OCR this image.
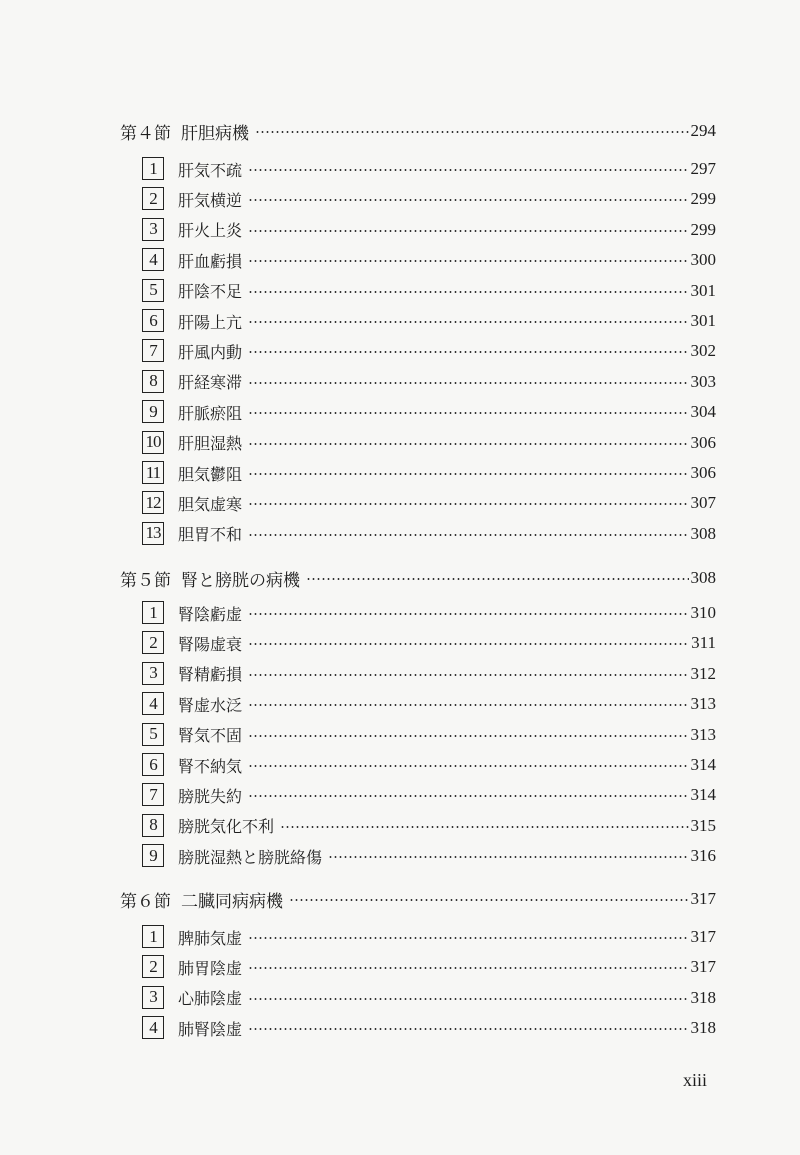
第４節 肝胆病機	294
1	肝気不疏	297
2	肝気横逆	299
3	肝火上炎	299
4	肝血虧損	300
5	肝陰不足	301
6	肝陽上亢	301
7	肝風内動	302
8	肝経寒滞	303
9	肝脈瘀阻	304
10 肝胆湿熱	306
11 胆気鬱阻	306
12 胆気虚寒	307
13 胆胃不和	308
第５節 腎と膀胱の病機	308
1	腎陰虧虚	310
2	腎陽虚衰	311
3	腎精虧損	312
4	腎虚水泛	313
5	腎気不固	313
6	腎不納気	314
7	膀胱失約	314
8	膀胱気化不利	315
9	膀胱湿熱と膀胱絡傷	316
第６節 二臓同病病機	317
1	脾肺気虚	317
2	肺胃陰虚	317
3	心肺陰虚	318
4	肺腎陰虚	318
xiii
